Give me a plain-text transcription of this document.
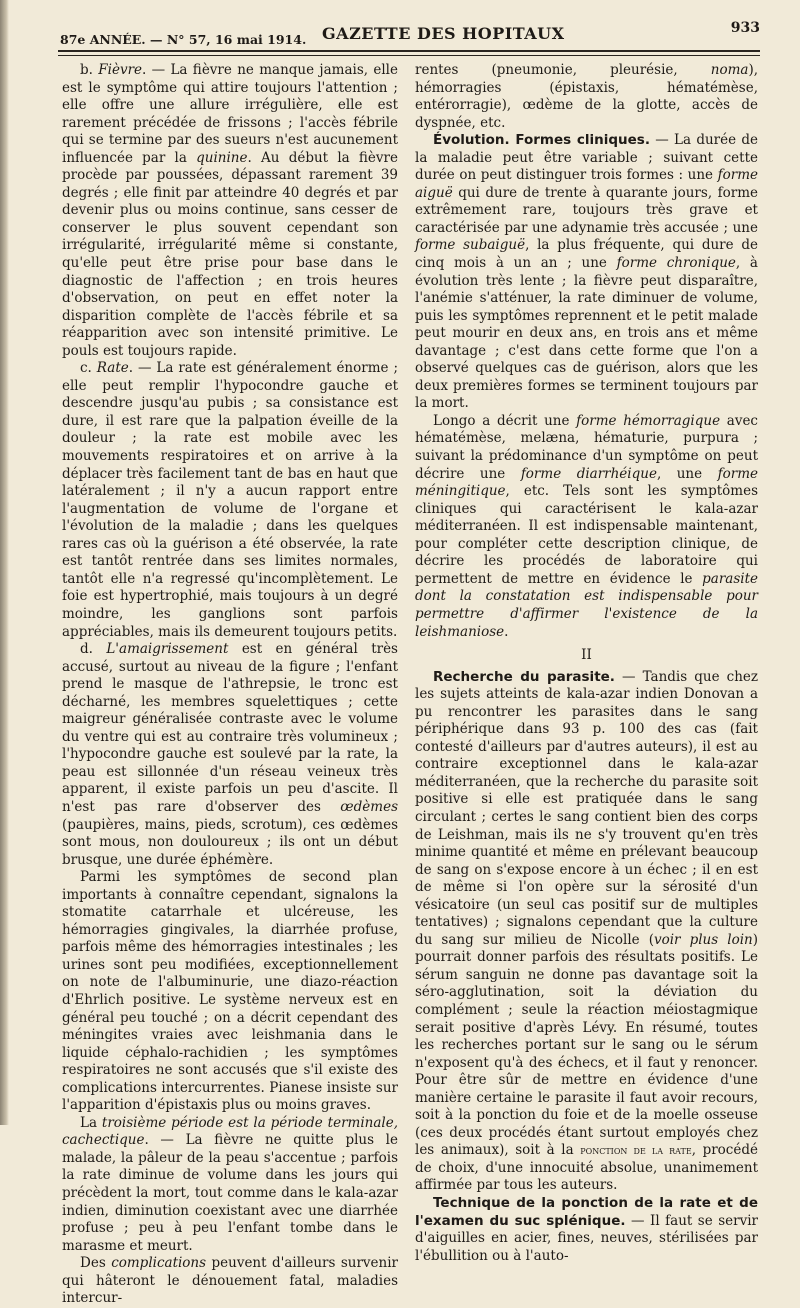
87e ANNÉE. — N° 57, 16 mai 1914. GAZETTE DES HOPITAUX	933

b. Fièvre. — La fièvre ne manque jamais, elle est le symptôme qui attire toujours l'attention ; elle offre une allure irrégulière, elle est rarement précédée de frissons ; l'accès fébrile qui se termine par des sueurs n'est aucunement influencée par la quinine. Au début la fièvre procède par poussées, dépassant rarement 39 degrés ; elle finit par atteindre 40 degrés et par devenir plus ou moins continue, sans cesser de conserver le plus souvent cependant son irrégularité, irrégularité même si constante, qu'elle peut être prise pour base dans le diagnostic de l'affection ; en trois heures d'observation, on peut en effet noter la disparition complète de l'accès fébrile et sa réapparition avec son intensité primitive. Le pouls est toujours rapide.

c. Rate. — La rate est généralement énorme ; elle peut remplir l'hypocondre gauche et descendre jusqu'au pubis ; sa consistance est dure, il est rare que la palpation éveille de la douleur ; la rate est mobile avec les mouvements respiratoires et on arrive à la déplacer très facilement tant de bas en haut que latéralement ; il n'y a aucun rapport entre l'augmentation de volume de l'organe et l'évolution de la maladie ; dans les quelques rares cas où la guérison a été observée, la rate est tantôt rentrée dans ses limites normales, tantôt elle n'a regressé qu'incomplètement. Le foie est hypertrophié, mais toujours à un degré moindre, les ganglions sont parfois appréciables, mais ils demeurent toujours petits.

d. L'amaigrissement est en général très accusé, surtout au niveau de la figure ; l'enfant prend le masque de l'athrepsie, le tronc est décharné, les membres squelettiques ; cette maigreur généralisée contraste avec le volume du ventre qui est au contraire très volumineux ; l'hypocondre gauche est soulevé par la rate, la peau est sillonnée d'un réseau veineux très apparent, il existe parfois un peu d'ascite. Il n'est pas rare d'observer des œdèmes (paupières, mains, pieds, scrotum), ces œdèmes sont mous, non douloureux ; ils ont un début brusque, une durée éphémère.

Parmi les symptômes de second plan importants à connaître cependant, signalons la stomatite catarrhale et ulcéreuse, les hémorragies gingivales, la diarrhée profuse, parfois même des hémorragies intestinales ; les urines sont peu modifiées, exceptionnellement on note de l'albuminurie, une diazo-réaction d'Ehrlich positive. Le système nerveux est en général peu touché ; on a décrit cependant des méningites vraies avec leishmania dans le liquide céphalo-rachidien ; les symptômes respiratoires ne sont accusés que s'il existe des complications intercurrentes. Pianese insiste sur l'apparition d'épistaxis plus ou moins graves.

La troisième période est la période terminale, cachectique. — La fièvre ne quitte plus le malade, la pâleur de la peau s'accentue ; parfois la rate diminue de volume dans les jours qui précèdent la mort, tout comme dans le kala-azar indien, diminution coexistant avec une diarrhée profuse ; peu à peu l'enfant tombe dans le marasme et meurt.

Des complications peuvent d'ailleurs survenir qui hâteront le dénouement fatal, maladies intercur-

rentes (pneumonie, pleurésie, noma), hémorragies (épistaxis, hématémèse, entérorragie), œdème de la glotte, accès de dyspnée, etc.

Évolution. Formes cliniques. — La durée de la maladie peut être variable ; suivant cette durée on peut distinguer trois formes : une forme aiguë qui dure de trente à quarante jours, forme extrêmement rare, toujours très grave et caractérisée par une adynamie très accusée ; une forme subaiguë, la plus fréquente, qui dure de cinq mois à un an ; une forme chronique, à évolution très lente ; la fièvre peut disparaître, l'anémie s'atténuer, la rate diminuer de volume, puis les symptômes reprennent et le petit malade peut mourir en deux ans, en trois ans et même davantage ; c'est dans cette forme que l'on a observé quelques cas de guérison, alors que les deux premières formes se terminent toujours par la mort.

Longo a décrit une forme hémorragique avec hématémèse, melæna, hématurie, purpura ; suivant la prédominance d'un symptôme on peut décrire une forme diarrhéique, une forme méningitique, etc. Tels sont les symptômes cliniques qui caractérisent le kala-azar méditerranéen. Il est indispensable maintenant, pour compléter cette description clinique, de décrire les procédés de laboratoire qui permettent de mettre en évidence le parasite dont la constatation est indispensable pour permettre d'affirmer l'existence de la leishmaniose.

II

Recherche du parasite. — Tandis que chez les sujets atteints de kala-azar indien Donovan a pu rencontrer les parasites dans le sang périphérique dans 93 p. 100 des cas (fait contesté d'ailleurs par d'autres auteurs), il est au contraire exceptionnel dans le kala-azar méditerranéen, que la recherche du parasite soit positive si elle est pratiquée dans le sang circulant ; certes le sang contient bien des corps de Leishman, mais ils ne s'y trouvent qu'en très minime quantité et même en prélevant beaucoup de sang on s'expose encore à un échec ; il en est de même si l'on opère sur la sérosité d'un vésicatoire (un seul cas positif sur de multiples tentatives) ; signalons cependant que la culture du sang sur milieu de Nicolle (voir plus loin) pourrait donner parfois des résultats positifs. Le sérum sanguin ne donne pas davantage soit la séro-agglutination, soit la déviation du complément ; seule la réaction méiostagmique serait positive d'après Lévy. En résumé, toutes les recherches portant sur le sang ou le sérum n'exposent qu'à des échecs, et il faut y renoncer. Pour être sûr de mettre en évidence d'une manière certaine le parasite il faut avoir recours, soit à la ponction du foie et de la moelle osseuse (ces deux procédés étant surtout employés chez les animaux), soit à la ponction de la rate, procédé de choix, d'une innocuité absolue, unanimement affirmée par tous les auteurs.

Technique de la ponction de la rate et de l'examen du suc splénique. — Il faut se servir d'aiguilles en acier, fines, neuves, stérilisées par l'ébullition ou à l'auto-
